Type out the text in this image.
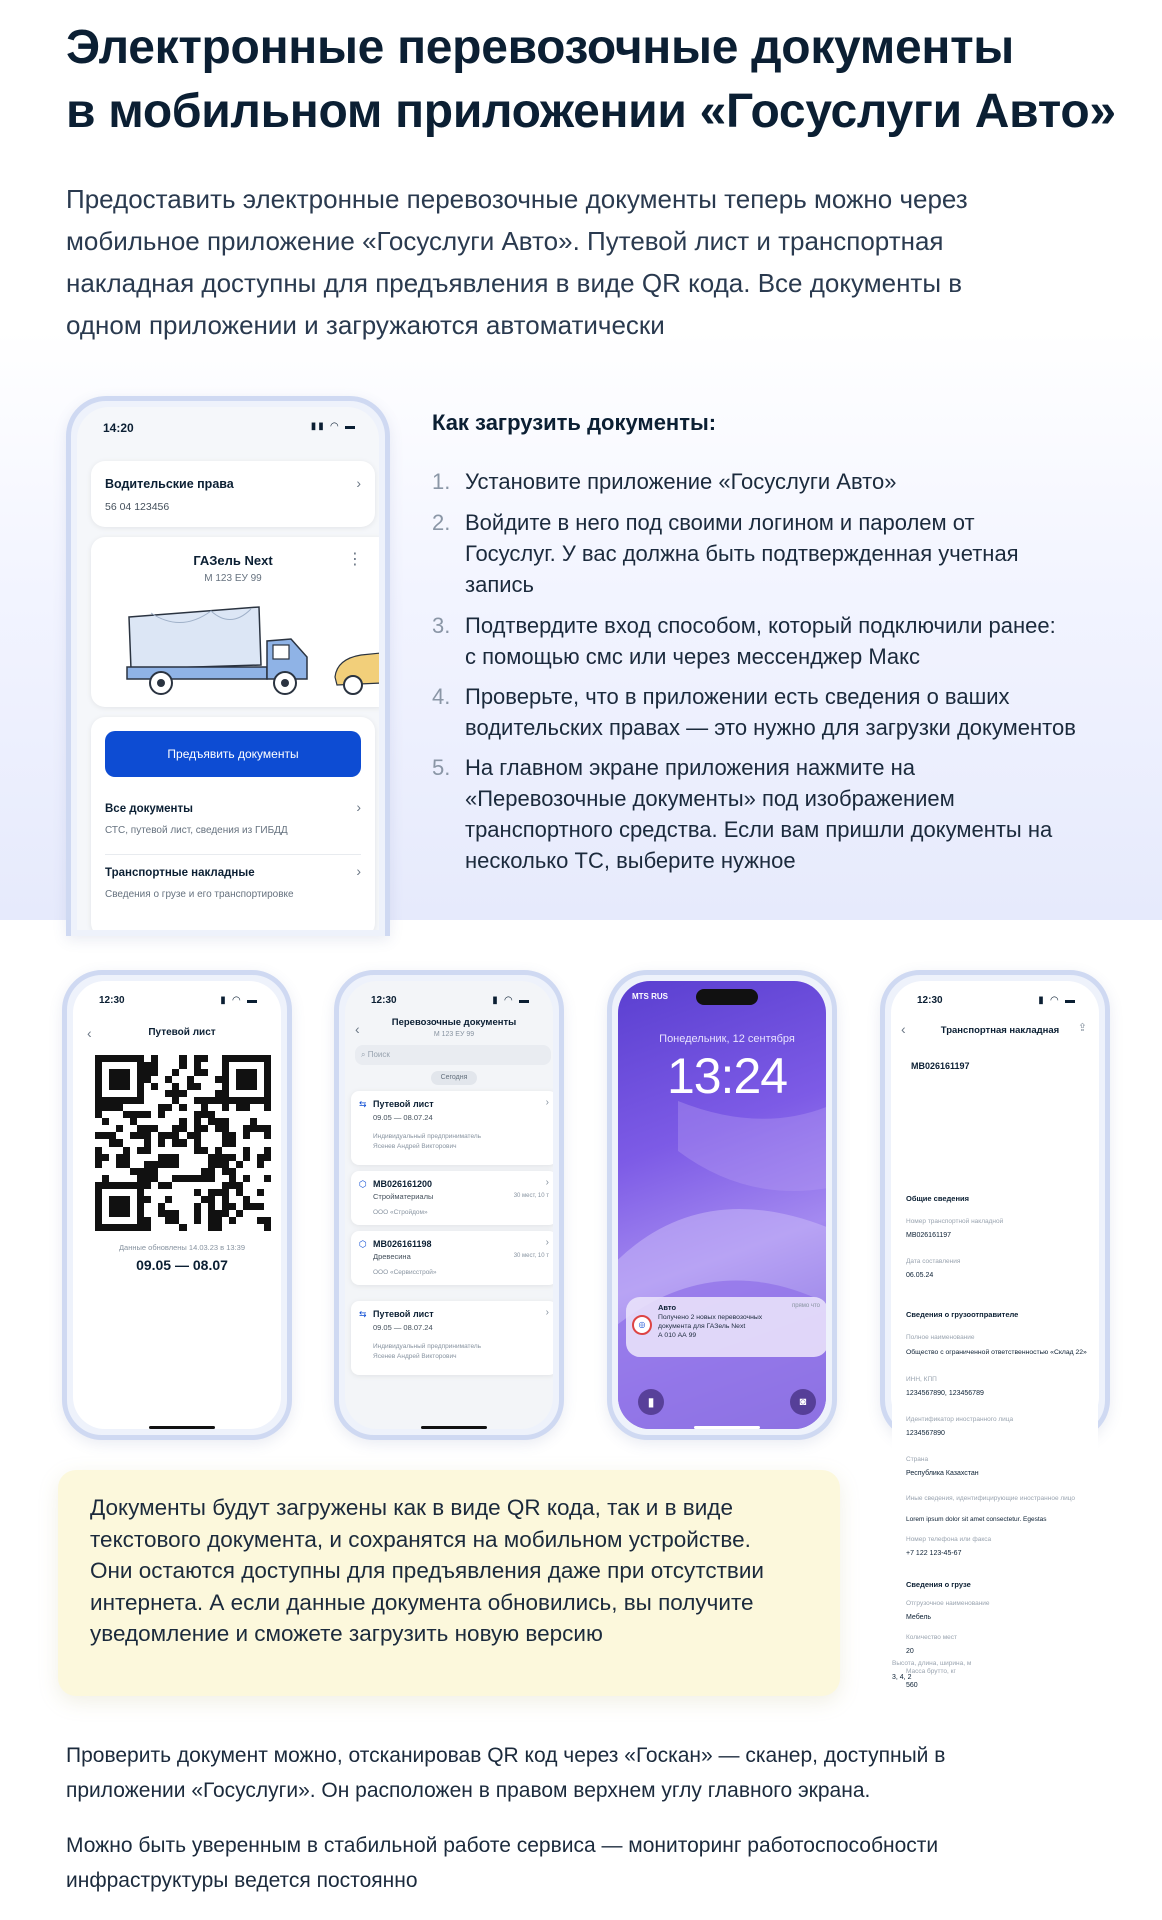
Электронные перевозочные документы
в мобильном приложении «Госуслуги Авто»
Предоставить электронные перевозочные документы теперь можно через
мобильное приложение «Госуслуги Авто». Путевой лист и транспортная
накладная доступны для предъявления в виде QR кода. Все документы в
одном приложении и загружаются автоматически
14:20	▮▮ ◠ ▬
Водительские права
56 04 123456
›
ГАЗель Next
М 123 ЕУ 99
⋮
Предъявить документы
Все документы
СТС, путевой лист, сведения из ГИБДД
›
Транспортные накладные
Сведения о грузе и его транспортировке
›
Как загрузить документы:
1. Установите приложение «Госуслуги Авто»
2. Войдите в него под своими логином и паролем от
Госуслуг. У вас должна быть подтвержденная учетная
запись
3. Подтвердите вход способом, который подключили ранее:
с помощью смс или через мессенджер Макс
4. Проверьте, что в приложении есть сведения о ваших
водительских правах — это нужно для загрузки документов
5. На главном экране приложения нажмите на
«Перевозочные документы» под изображением
транспортного средства. Если вам пришли документы на
несколько ТС, выберите нужное
12:30	▮ ◠ ▬
‹	Путевой лист
Данные обновлены 14.03.23 в 13:39
09.05 — 08.07
12:30	▮ ◠ ▬
‹	Перевозочные документы
М 123 ЕУ 99
⌕ Поиск
Сегодня
⇆ Путевой лист
09.05 — 08.07.24
Индивидуальный предприниматель
Ясенев Андрей Викторович
›
⬡ МВ026161200
Стройматериалы	30 мест, 10 т
ООО «Стройдом»
›
⬡ МВ026161198
Древесина	30 мест, 10 т
ООО «Сервисстрой»
›
⇆ Путевой лист
09.05 — 08.07.24
Индивидуальный предприниматель
Ясенев Андрей Викторович
›
MTS RUS
Понедельник, 12 сентября
13:24
◎
Авто	прямо что
Получено 2 новых перевозочных
документа для ГАЗель Next
А 010 АА 99
▮	◙
12:30	▮ ◠ ▬
‹	Транспортная накладная	⇪
МВ026161197
Общие сведения
Номер транспортной накладной
МВ026161197
Дата составления
06.05.24
Сведения о грузоотправителе
Полное наименование
Общество с ограниченной ответственностью «Склад 22»
ИНН, КПП
1234567890, 123456789
Идентификатор иностранного лица
1234567890
Страна
Республика Казахстан
Иные сведения, идентифицирующие иностранное лицо
Lorem ipsum dolor sit amet consectetur. Egestas
Номер телефона или факса
+7 122 123-45-67
Сведения о грузе
Отгрузочное наименование
Мебель
Количество мест
20
Масса брутто, кг
560

Документы будут загружены как в виде QR кода, так и в виде
текстового документа, и сохранятся на мобильном устройстве.
Они остаются доступны для предъявления даже при отсутствии
интернета. А если данные документа обновились, вы получите
уведомление и сможете загрузить новую версию

Высота, длина, ширина, м
3, 4, 2
Проверить документ можно, отсканировав QR код через «Госкан» — сканер, доступный в
приложении «Госуслуги». Он расположен в правом верхнем углу главного экрана.
Можно быть уверенным в стабильной работе сервиса — мониторинг работоспособности
инфраструктуры ведется постоянно
